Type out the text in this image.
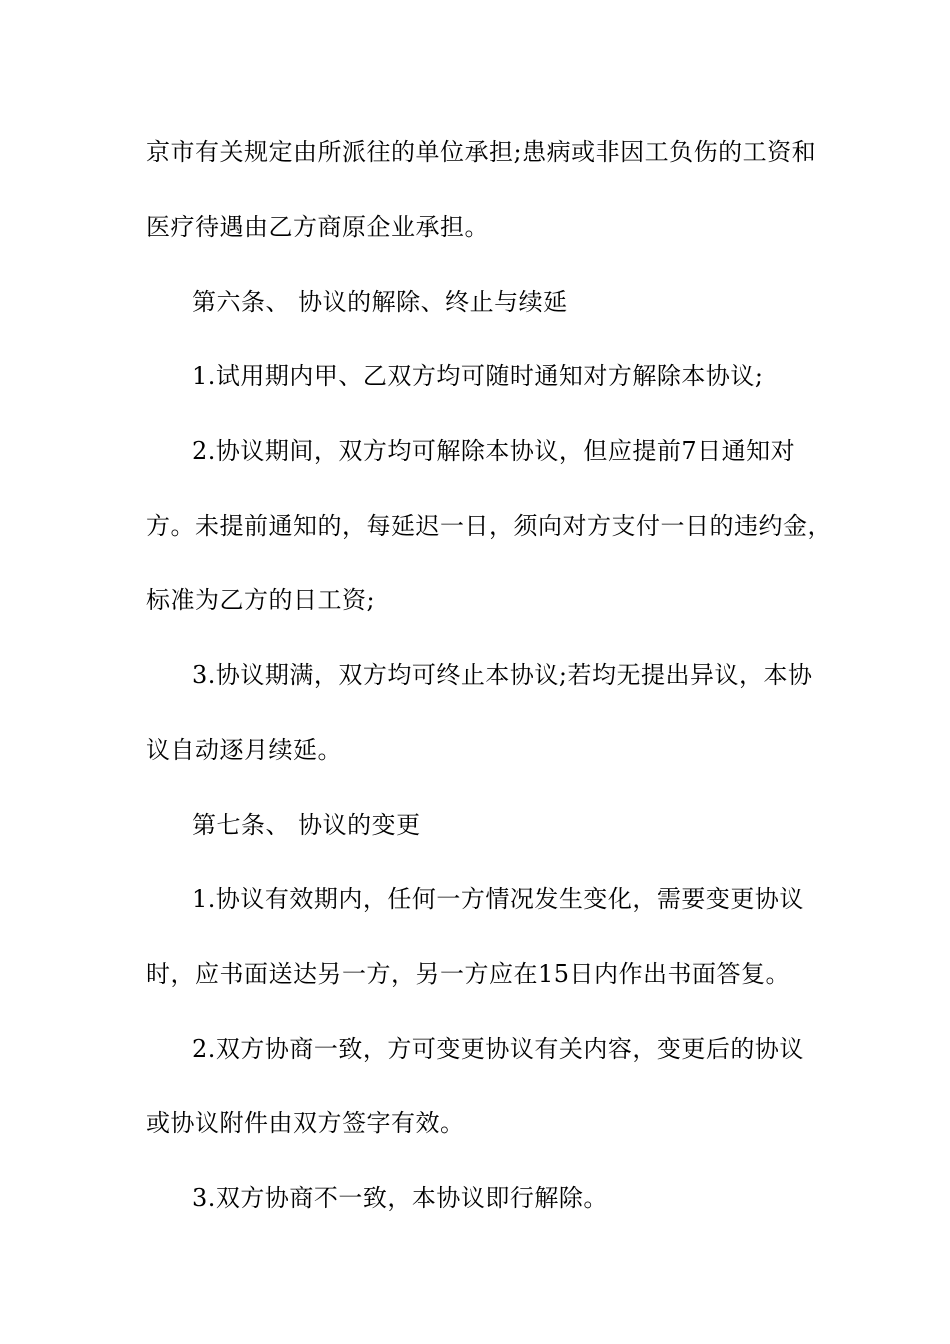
京市有关规定由所派往的单位承担;患病或非因工负伤的工资和
医疗待遇由乙方商原企业承担。
第六条、 协议的解除、终止与续延
1.试用期内甲、乙双方均可随时通知对方解除本协议;
2.协议期间，双方均可解除本协议，但应提前7日通知对
方。未提前通知的，每延迟一日，须向对方支付一日的违约金，
标准为乙方的日工资;
3.协议期满，双方均可终止本协议;若均无提出异议，本协
议自动逐月续延。
第七条、 协议的变更
1.协议有效期内，任何一方情况发生变化，需要变更协议
时，应书面送达另一方，另一方应在15日内作出书面答复。
2.双方协商一致，方可变更协议有关内容，变更后的协议
或协议附件由双方签字有效。
3.双方协商不一致，本协议即行解除。
